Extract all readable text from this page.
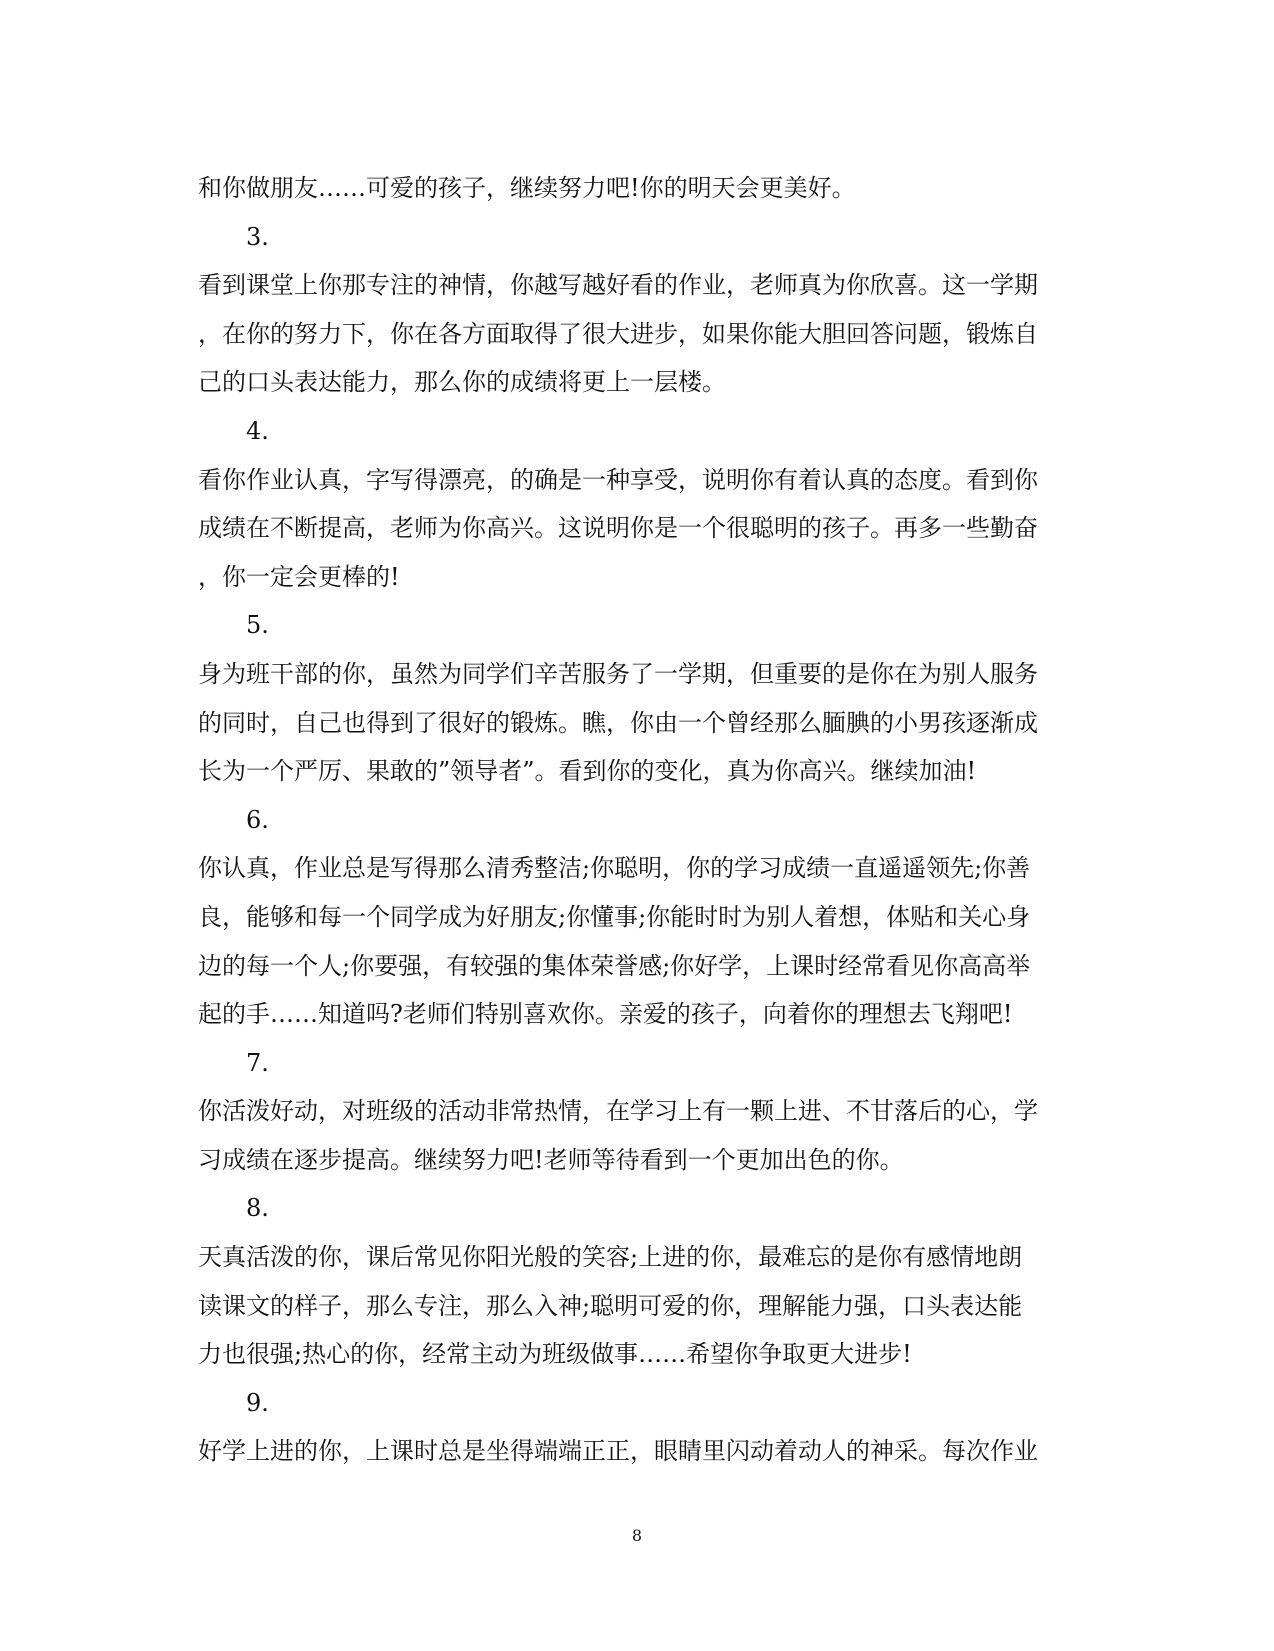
和你做朋友……可爱的孩子，继续努力吧!你的明天会更美好。
3.
看到课堂上你那专注的神情，你越写越好看的作业，老师真为你欣喜。这一学期
，在你的努力下，你在各方面取得了很大进步，如果你能大胆回答问题，锻炼自
己的口头表达能力，那么你的成绩将更上一层楼。
4.
看你作业认真，字写得漂亮，的确是一种享受，说明你有着认真的态度。看到你
成绩在不断提高，老师为你高兴。这说明你是一个很聪明的孩子。再多一些勤奋
，你一定会更棒的!
5.
身为班干部的你，虽然为同学们辛苦服务了一学期，但重要的是你在为别人服务
的同时，自己也得到了很好的锻炼。瞧，你由一个曾经那么腼腆的小男孩逐渐成
长为一个严厉、果敢的”领导者”。看到你的变化，真为你高兴。继续加油!
6.
你认真，作业总是写得那么清秀整洁;你聪明，你的学习成绩一直遥遥领先;你善
良，能够和每一个同学成为好朋友;你懂事;你能时时为别人着想，体贴和关心身
边的每一个人;你要强，有较强的集体荣誉感;你好学，上课时经常看见你高高举
起的手……知道吗?老师们特别喜欢你。亲爱的孩子，向着你的理想去飞翔吧!
7.
你活泼好动，对班级的活动非常热情，在学习上有一颗上进、不甘落后的心，学
习成绩在逐步提高。继续努力吧!老师等待看到一个更加出色的你。
8.
天真活泼的你，课后常见你阳光般的笑容;上进的你，最难忘的是你有感情地朗
读课文的样子，那么专注，那么入神;聪明可爱的你，理解能力强，口头表达能
力也很强;热心的你，经常主动为班级做事……希望你争取更大进步!
9.
好学上进的你，上课时总是坐得端端正正，眼睛里闪动着动人的神采。每次作业
8
